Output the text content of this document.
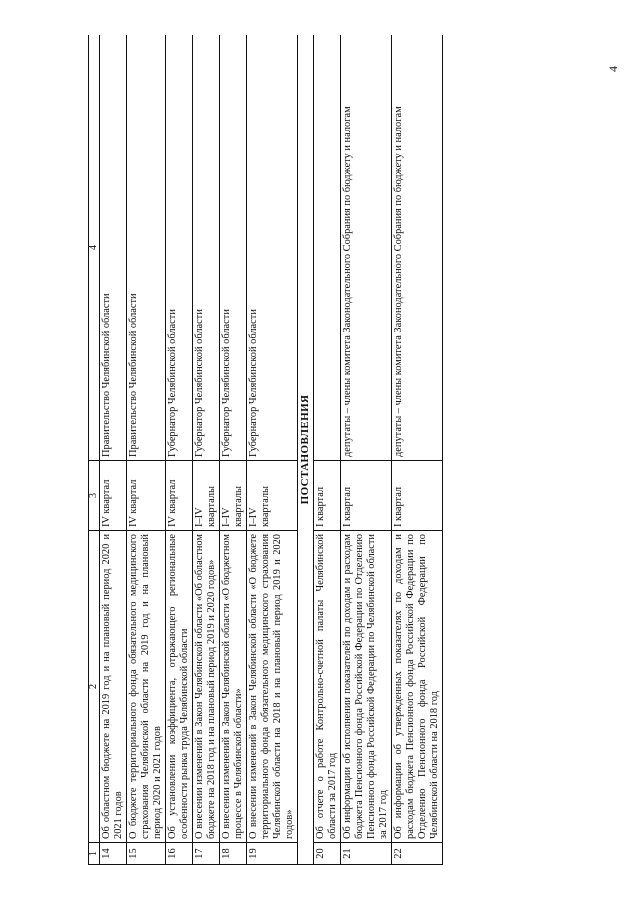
4
1	2	3	4
14	Об областном бюджете на 2019 год и на плановый период 2020 и 2021 годов	IV квартал	Правительство Челябинской области
15	О бюджете территориального фонда обязательного медицинского страхования Челябинской области на 2019 год и на плановый период 2020 и 2021 годов	IV квартал	Правительство Челябинской области
16	Об установлении коэффициента, отражающего региональные особенности рынка труда Челябинской области	IV квартал	Губернатор Челябинской области
17	О внесении изменений в Закон Челябинской области «Об областном бюджете на 2018 год и на плановый период 2019 и 2020 годов»	I–IV кварталы	Губернатор Челябинской области
18	О внесении изменений в Закон Челябинской области «О бюджетном процессе в Челябинской области»	I–IV кварталы	Губернатор Челябинской области
19	О внесении изменений в Закон Челябинской области «О бюджете территориального фонда обязательного медицинского страхования Челябинской области на 2018 и на плановый период 2019 и 2020 годов»	I–IV кварталы	Губернатор Челябинской области
ПОСТАНОВЛЕНИЯ			
20	Об отчете о работе Контрольно-счетной палаты Челябинской области за 2017 год	I квартал	
21	Об информации об исполнении показателей по доходам и расходам бюджета Пенсионного фонда Российской Федерации по Отделению Пенсионного фонда Российской Федерации по Челябинской области за 2017 год	I квартал	депутаты – члены комитета Законодательного Собрания по бюджету и налогам
22	Об информации об утвержденных показателях по доходам и расходам бюджета Пенсионного фонда Российской Федерации по Отделению Пенсионного фонда Российской Федерации по Челябинской области на 2018 год	I квартал	депутаты – члены комитета Законодательного Собрания по бюджету и налогам
